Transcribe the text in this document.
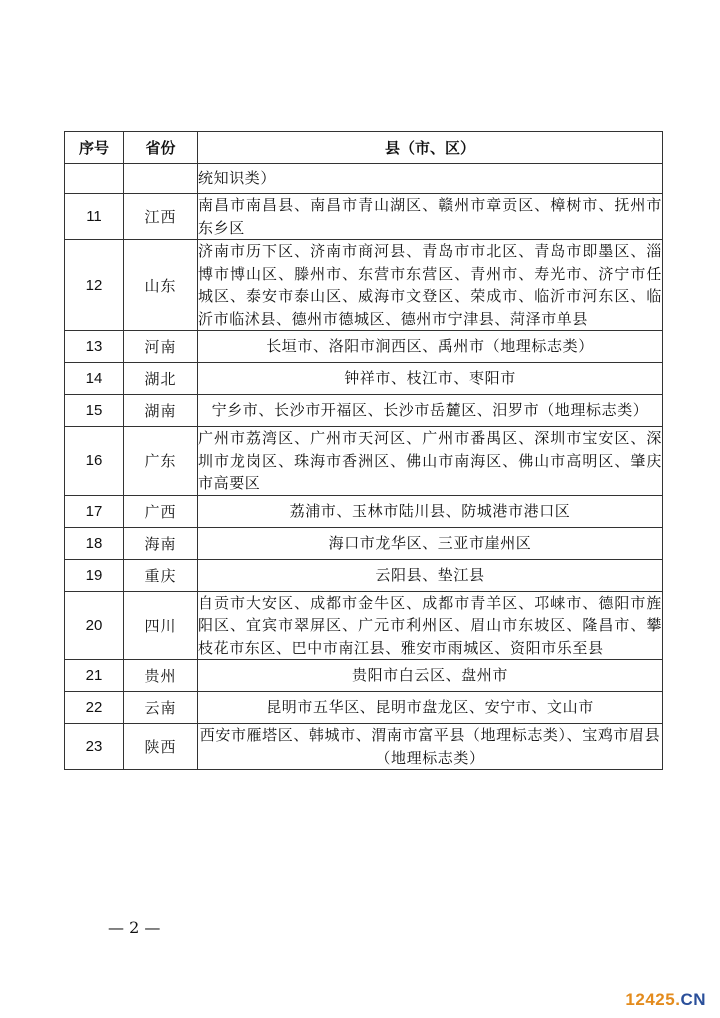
序号	省份	县（市、区）
		统知识类）
11	江西	南昌市南昌县、南昌市青山湖区、赣州市章贡区、樟树市、抚州市东乡区
12	山东	济南市历下区、济南市商河县、青岛市市北区、青岛市即墨区、淄博市博山区、滕州市、东营市东营区、青州市、寿光市、济宁市任城区、泰安市泰山区、威海市文登区、荣成市、临沂市河东区、临沂市临沭县、德州市德城区、德州市宁津县、菏泽市单县
13	河南	长垣市、洛阳市涧西区、禹州市（地理标志类）
14	湖北	钟祥市、枝江市、枣阳市
15	湖南	宁乡市、长沙市开福区、长沙市岳麓区、汨罗市（地理标志类）
16	广东	广州市荔湾区、广州市天河区、广州市番禺区、深圳市宝安区、深圳市龙岗区、珠海市香洲区、佛山市南海区、佛山市高明区、肇庆市高要区
17	广西	荔浦市、玉林市陆川县、防城港市港口区
18	海南	海口市龙华区、三亚市崖州区
19	重庆	云阳县、垫江县
20	四川	自贡市大安区、成都市金牛区、成都市青羊区、邛崃市、德阳市旌阳区、宜宾市翠屏区、广元市利州区、眉山市东坡区、隆昌市、攀枝花市东区、巴中市南江县、雅安市雨城区、资阳市乐至县
21	贵州	贵阳市白云区、盘州市
22	云南	昆明市五华区、昆明市盘龙区、安宁市、文山市
23	陕西	西安市雁塔区、韩城市、渭南市富平县（地理标志类）、宝鸡市眉县（地理标志类）
— 2 —
12425.CN
